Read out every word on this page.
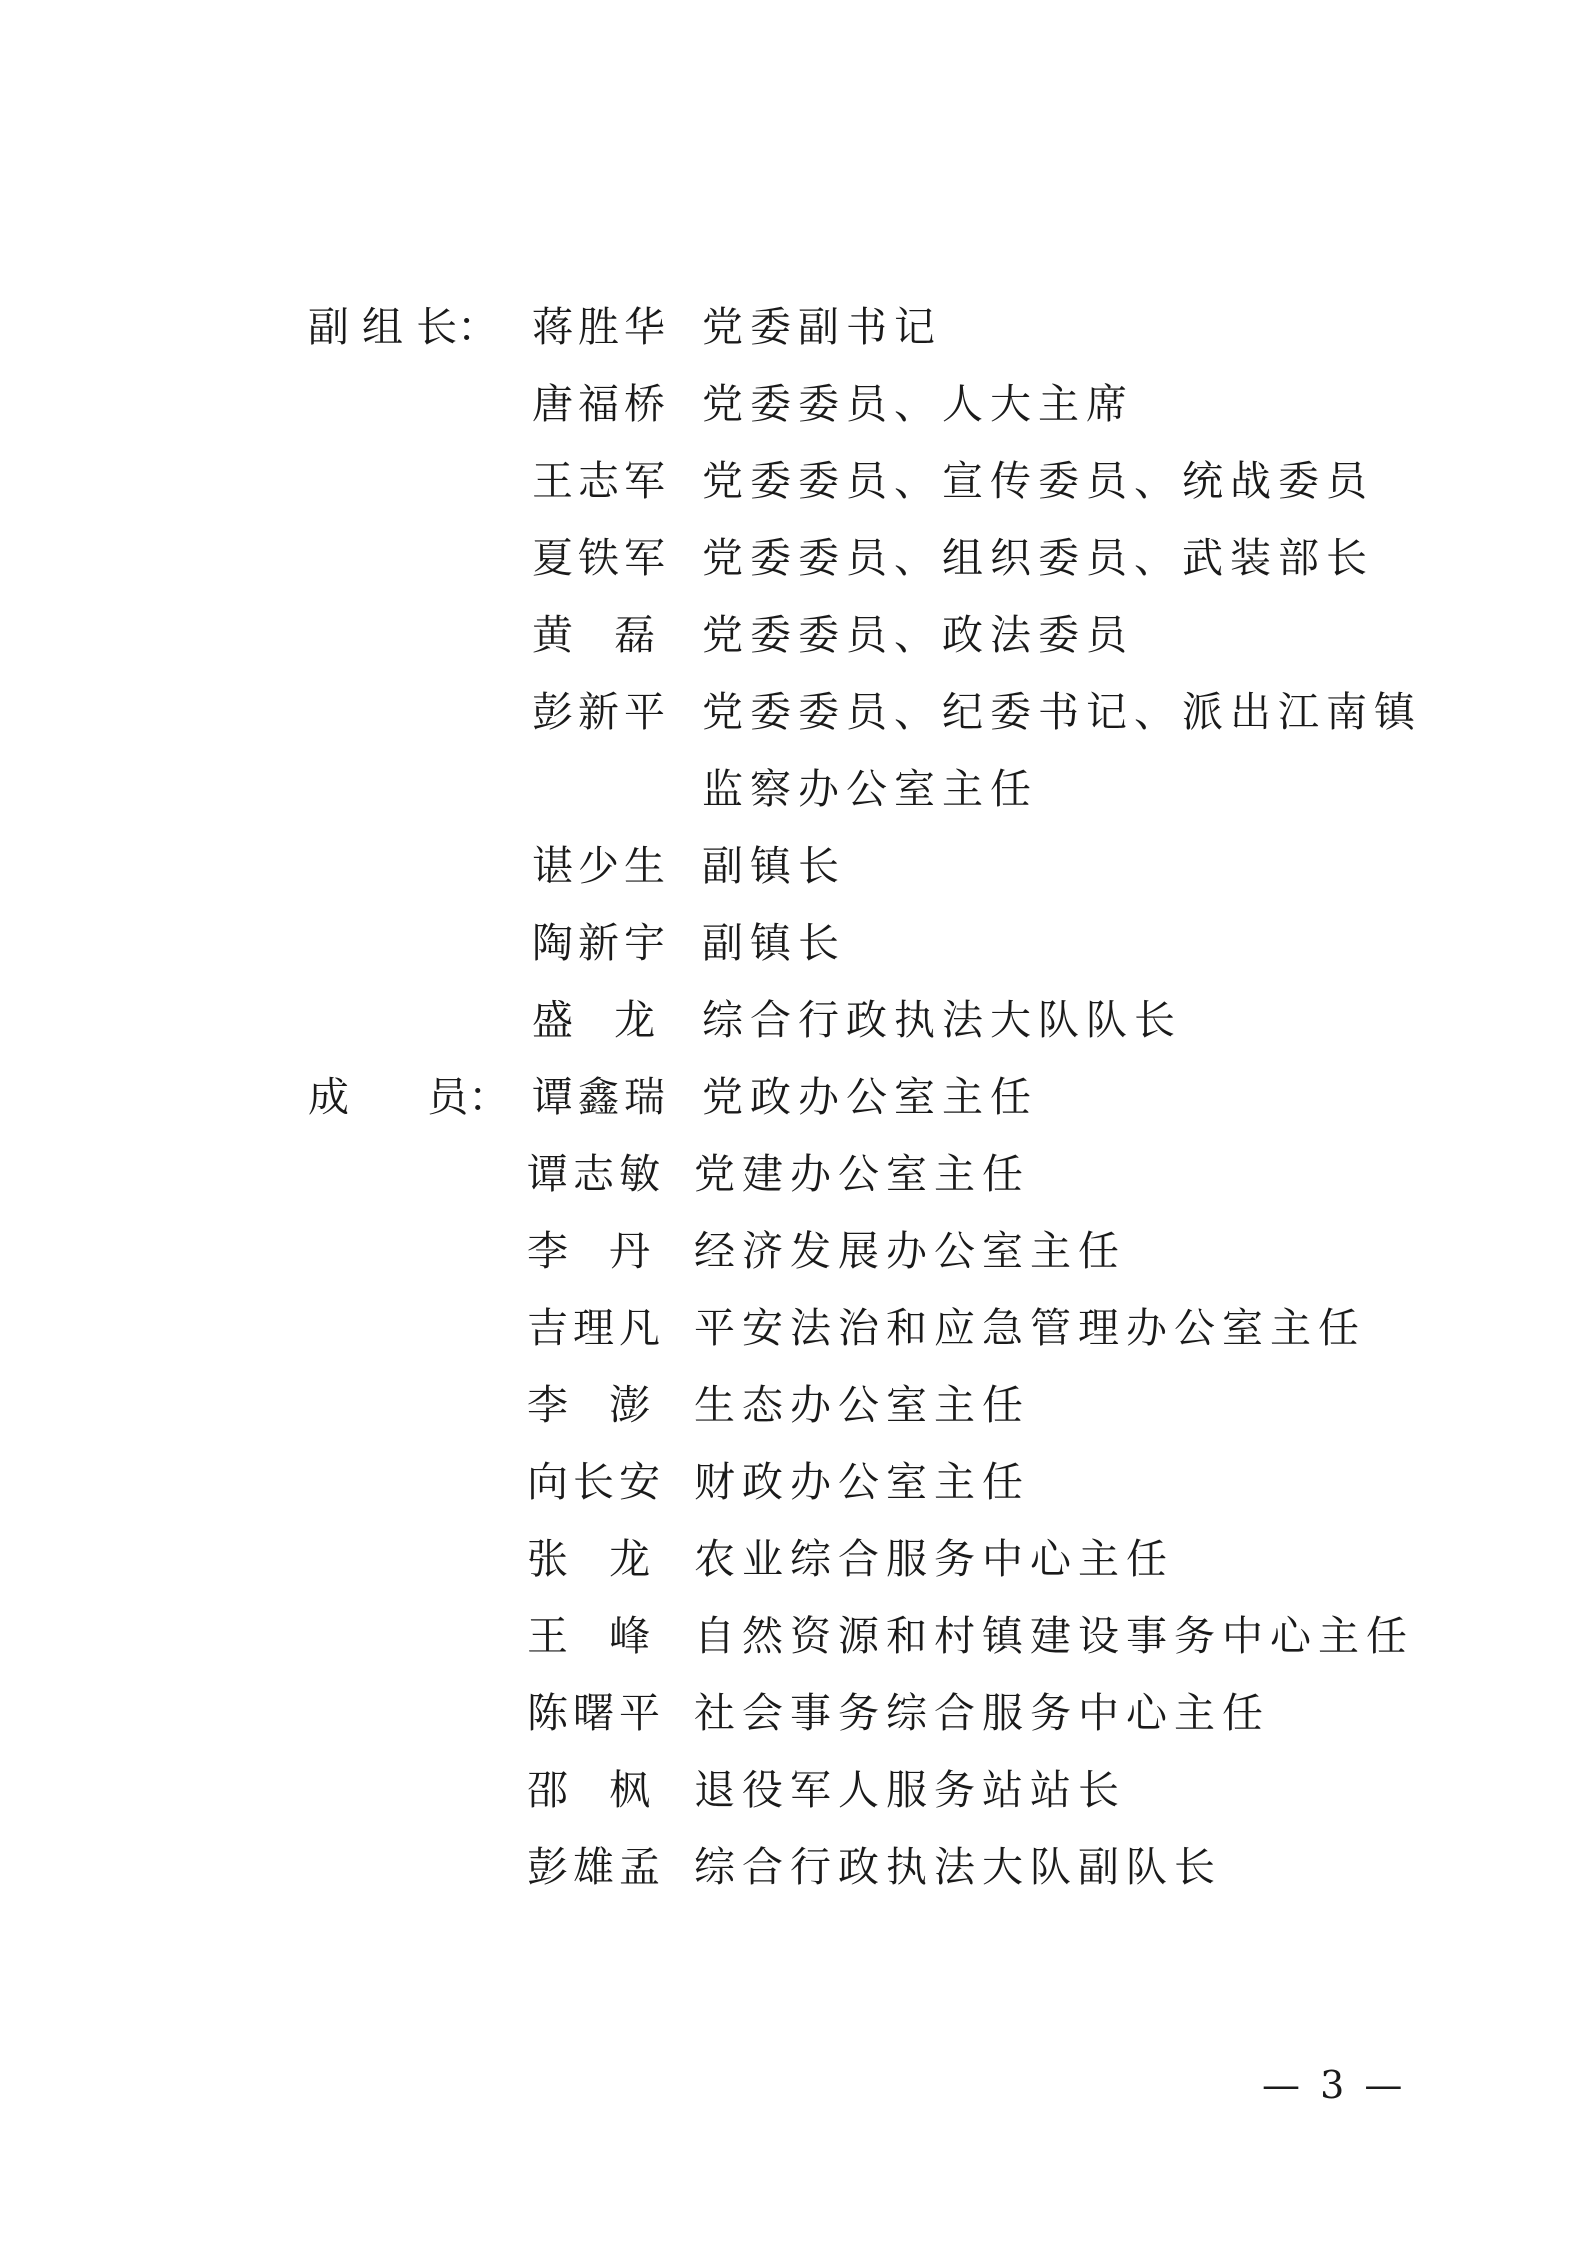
副 组 长： 蒋胜华 党委副书记
唐福桥 党委委员、人大主席
王志军 党委委员、宣传委员、统战委员
夏铁军 党委委员、组织委员、武装部长
黄  磊 党委委员、政法委员
彭新平 党委委员、纪委书记、派出江南镇
监察办公室主任
谌少生 副镇长
陶新宇 副镇长
盛  龙 综合行政执法大队队长
成      员： 谭鑫瑞 党政办公室主任
谭志敏 党建办公室主任
李  丹 经济发展办公室主任
吉理凡 平安法治和应急管理办公室主任
李  澎 生态办公室主任
向长安 财政办公室主任
张  龙 农业综合服务中心主任
王  峰 自然资源和村镇建设事务中心主任
陈曙平 社会事务综合服务中心主任
邵  枫 退役军人服务站站长
彭雄孟 综合行政执法大队副队长
— 3 —
